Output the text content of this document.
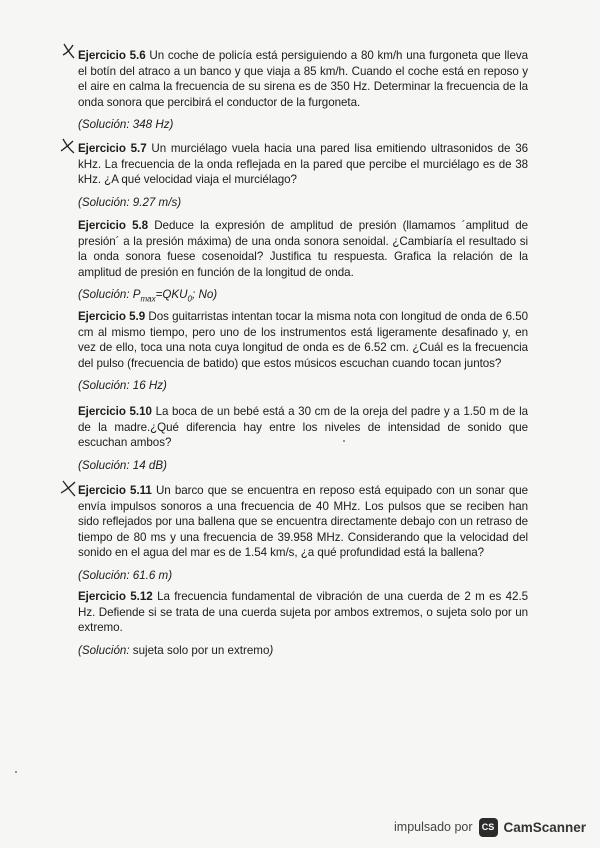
Ejercicio 5.6 Un coche de policía está persiguiendo a 80 km/h una furgoneta que lleva el botín del atraco a un banco y que viaja a 85 km/h. Cuando el coche está en reposo y el aire en calma la frecuencia de su sirena es de 350 Hz. Determinar la frecuencia de la onda sonora que percibirá el conductor de la furgoneta.

(Solución: 348 Hz)

Ejercicio 5.7 Un murciélago vuela hacia una pared lisa emitiendo ultrasonidos de 36 kHz. La frecuencia de la onda reflejada en la pared que percibe el murciélago es de 38 kHz. ¿A qué velocidad viaja el murciélago?

(Solución: 9.27 m/s)

Ejercicio 5.8 Deduce la expresión de amplitud de presión (llamamos ´amplitud de presión´ a la presión máxima) de una onda sonora senoidal. ¿Cambiaría el resultado si la onda sonora fuese cosenoidal? Justifica tu respuesta. Grafica la relación de la amplitud de presión en función de la longitud de onda.

(Solución: $P_{max}=QKU_0$; No)

Ejercicio 5.9 Dos guitarristas intentan tocar la misma nota con longitud de onda de 6.50 cm al mismo tiempo, pero uno de los instrumentos está ligeramente desafinado y, en vez de ello, toca una nota cuya longitud de onda es de 6.52 cm. ¿Cuál es la frecuencia del pulso (frecuencia de batido) que estos músicos escuchan cuando tocan juntos?

(Solución: 16 Hz)

Ejercicio 5.10 La boca de un bebé está a 30 cm de la oreja del padre y a 1.50 m de la de la madre.¿Qué diferencia hay entre los niveles de intensidad de sonido que escuchan ambos?

(Solución: 14 dB)

Ejercicio 5.11 Un barco que se encuentra en reposo está equipado con un sonar que envía impulsos sonoros a una frecuencia de 40 MHz. Los pulsos que se reciben han sido reflejados por una ballena que se encuentra directamente debajo con un retraso de tiempo de 80 ms y una frecuencia de 39.958 MHz. Considerando que la velocidad del sonido en el agua del mar es de 1.54 km/s, ¿a qué profundidad está la ballena?

(Solución: 61.6 m)

Ejercicio 5.12 La frecuencia fundamental de vibración de una cuerda de 2 m es 42.5 Hz. Defiende si se trata de una cuerda sujeta por ambos extremos, o sujeta solo por un extremo.

(Solución: sujeta solo por un extremo)

impulsado por	CS CamScanner
